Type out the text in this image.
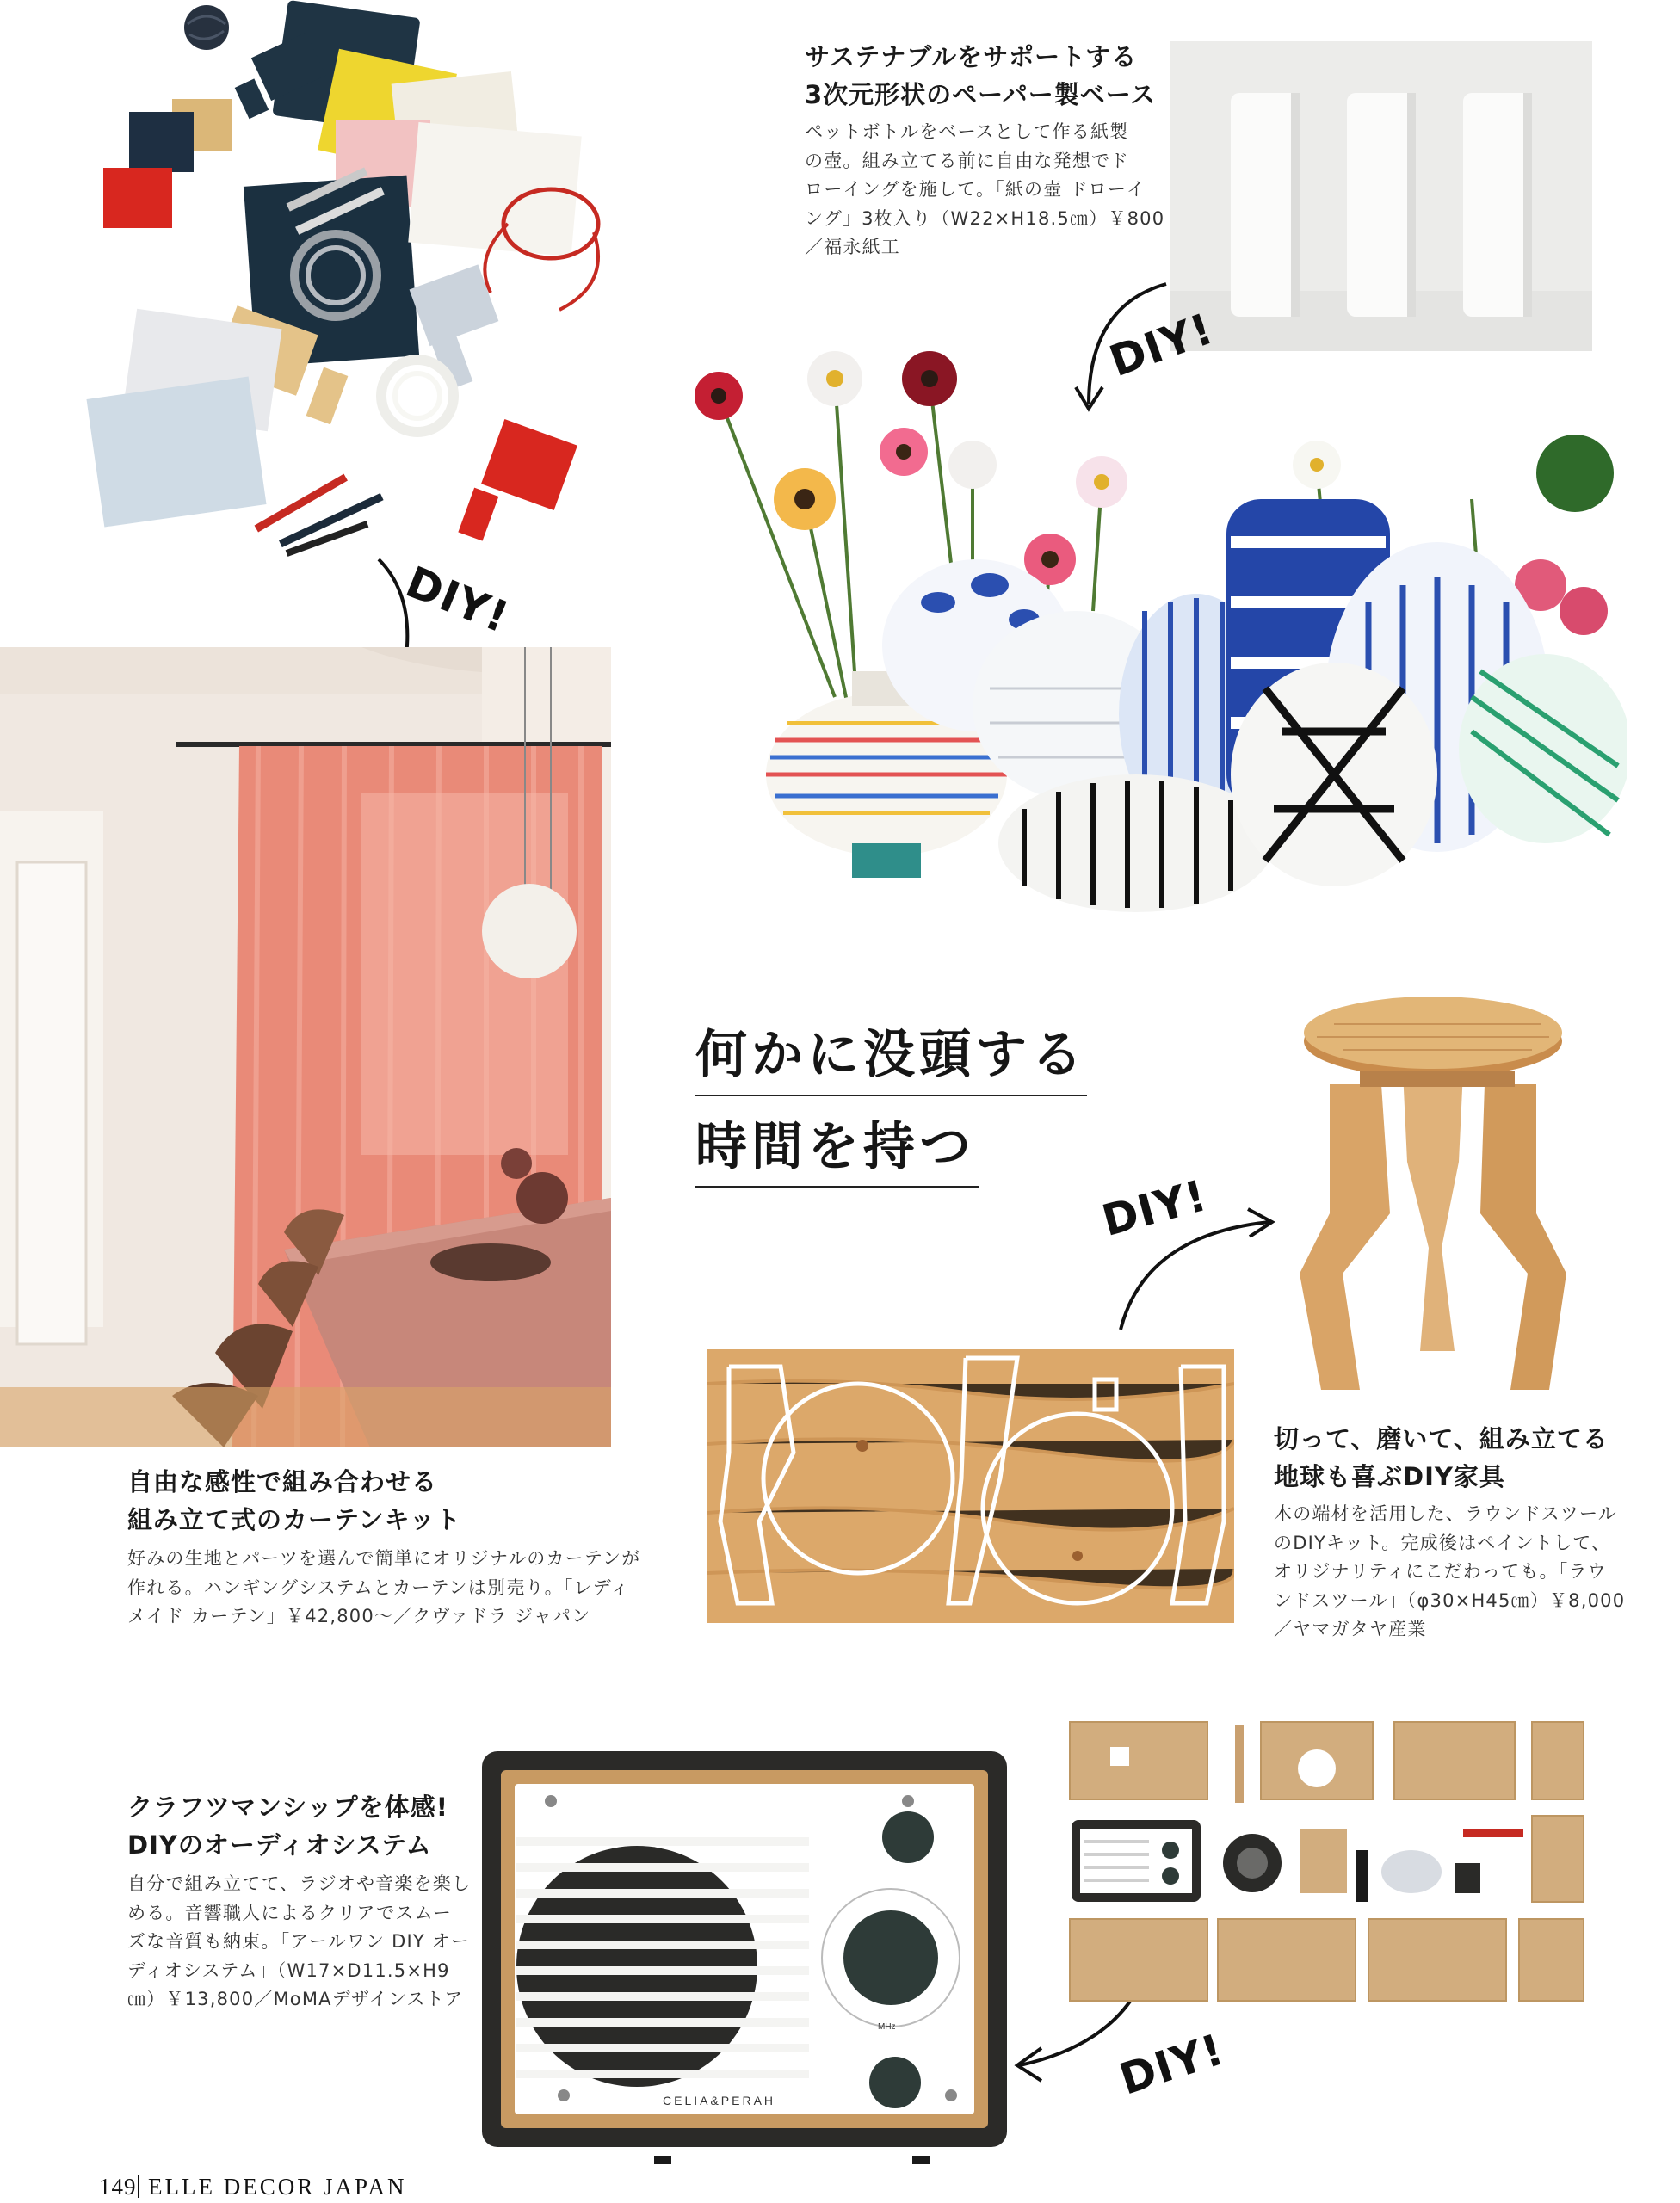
DIY!
自由な感性で組み合わせる
組み立て式のカーテンキット
好みの生地とパーツを選んで簡単にオリジナルのカーテンが
作れる。ハンギングシステムとカーテンは別売り。「レディ
メイド カーテン」￥42,800〜／クヴァドラ ジャパン
サステナブルをサポートする
3次元形状のペーパー製ベース
ペットボトルをベースとして作る紙製
の壺。組み立てる前に自由な発想でド
ローイングを施して。「紙の壺 ドローイ
ング」3枚入り（W22×H18.5㎝）￥800
／福永紙工
DIY!
何かに没頭する
時間を持つ
DIY!
切って、磨いて、組み立てる
地球も喜ぶDIY家具
木の端材を活用した、ラウンドスツール
のDIYキット。完成後はペイントして、
オリジナリティにこだわっても。「ラウ
ンドスツール」（φ30×H45㎝）￥8,000
／ヤマガタヤ産業
クラフツマンシップを体感!
DIYのオーディオシステム
自分で組み立てて、ラジオや音楽を楽し
める。音響職人によるクリアでスムー
ズな音質も納束。「アールワン DIY オー
ディオシステム」（W17×D11.5×H9
㎝）￥13,800／MoMAデザインストア
CELIA&PERAH
MHz	DIY!
149 ELLE DECOR JAPAN
